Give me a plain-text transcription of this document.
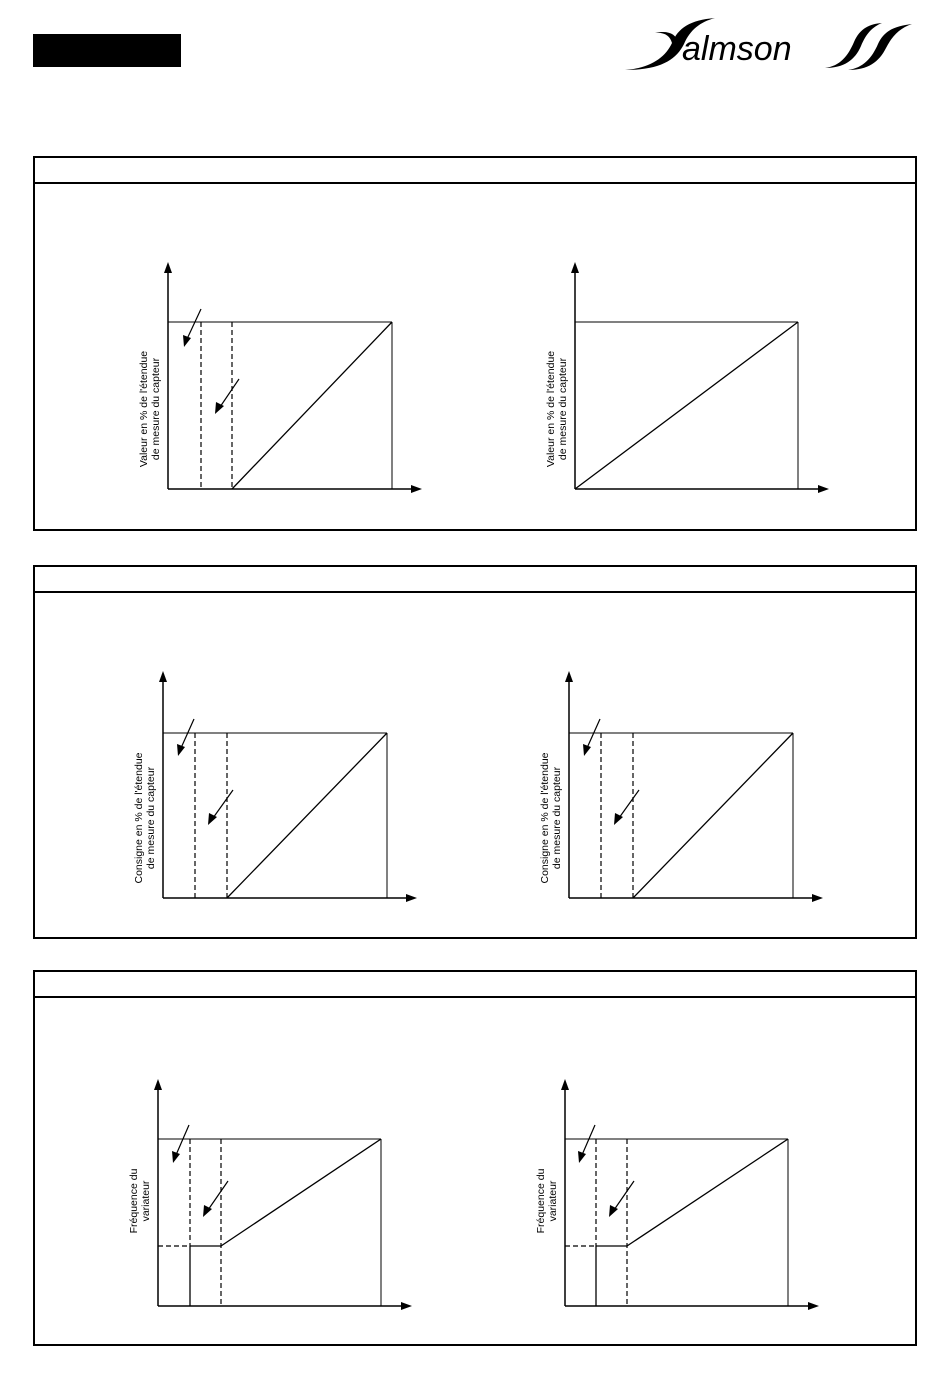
almson
Valeur en % de l'étendue de mesure du capteur	Valeur en % de l'étendue de mesure du capteur
Consigne en % de l'étendue de mesure du capteur	Consigne en % de l'étendue de mesure du capteur
Fréquence du variateur	Fréquence du variateur
